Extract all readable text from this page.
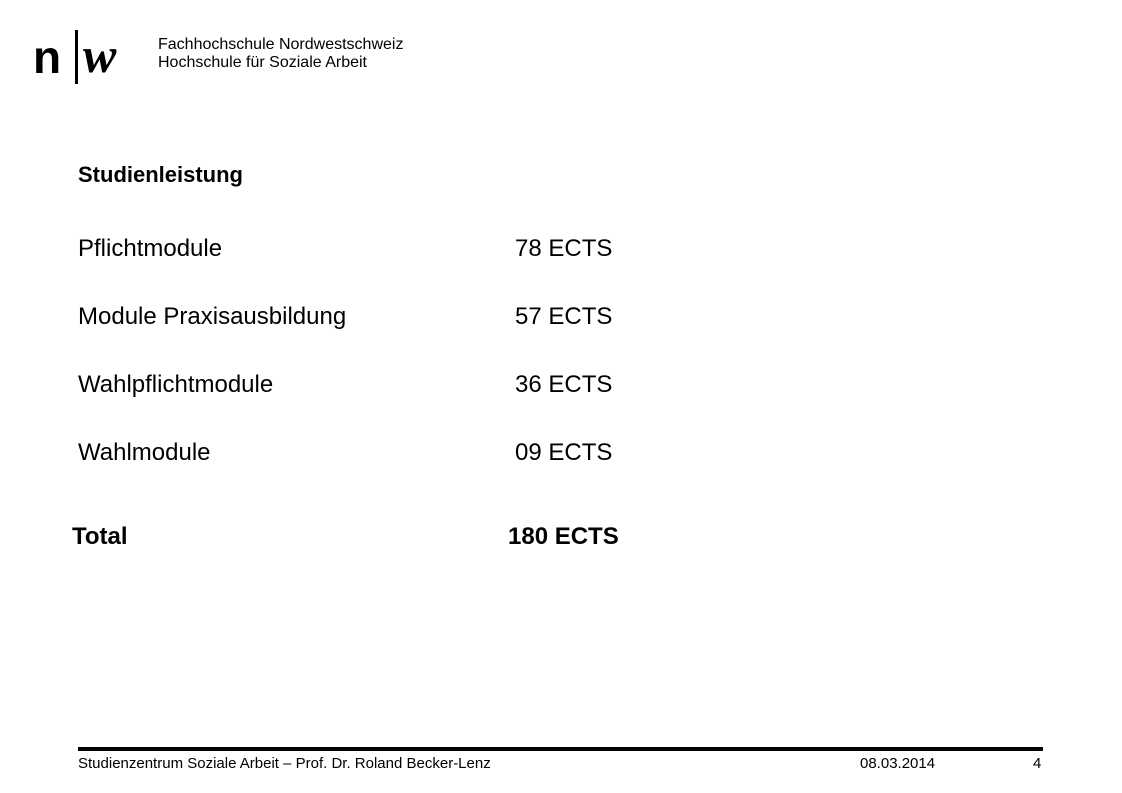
n w	Fachhochschule Nordwestschweiz
Hochschule für Soziale Arbeit
Studienleistung
Pflichtmodule	78 ECTS
Module Praxisausbildung	57 ECTS
Wahlpflichtmodule	36 ECTS
Wahlmodule	09 ECTS
Total	180 ECTS
Studienzentrum Soziale Arbeit – Prof. Dr. Roland Becker-Lenz	08.03.2014	4
